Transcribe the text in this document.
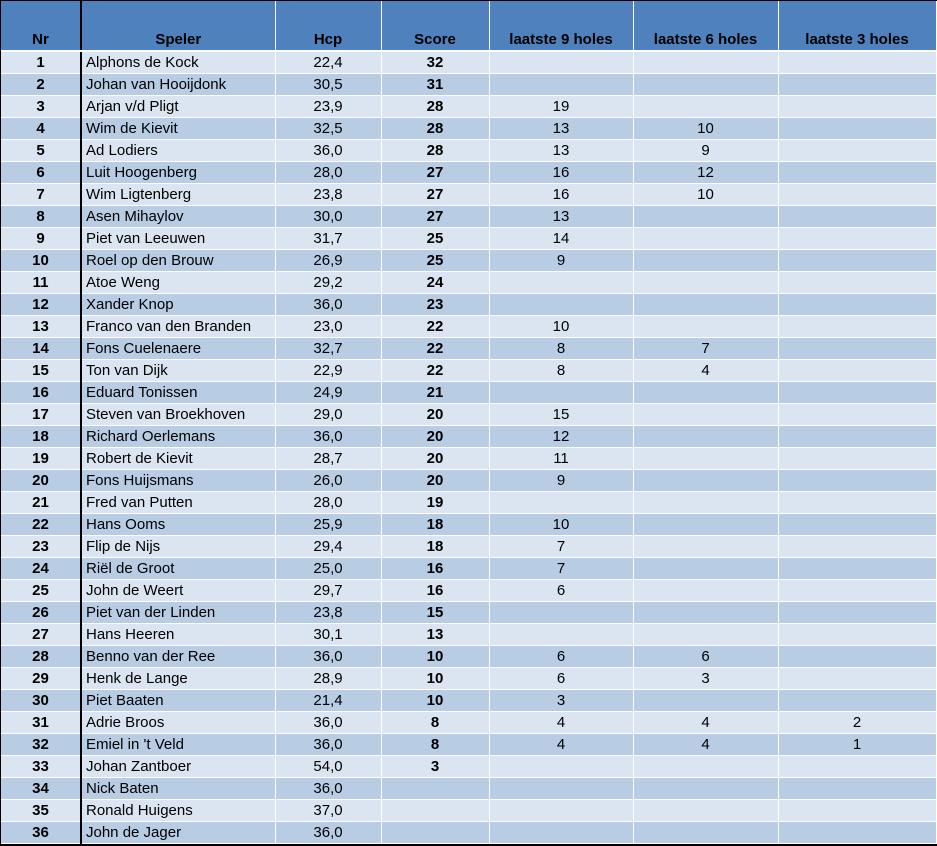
Nr	Speler	Hcp	Score	laatste 9 holes	laatste 6 holes	laatste 3 holes
1	Alphons de Kock	22,4	32			
2	Johan van Hooijdonk	30,5	31			
3	Arjan v/d Pligt	23,9	28	19		
4	Wim de Kievit	32,5	28	13	10	
5	Ad Lodiers	36,0	28	13	9	
6	Luit Hoogenberg	28,0	27	16	12	
7	Wim Ligtenberg	23,8	27	16	10	
8	Asen Mihaylov	30,0	27	13		
9	Piet van Leeuwen	31,7	25	14		
10	Roel op den Brouw	26,9	25	9		
11	Atoe Weng	29,2	24			
12	Xander Knop	36,0	23			
13	Franco van den Branden	23,0	22	10		
14	Fons Cuelenaere	32,7	22	8	7	
15	Ton van Dijk	22,9	22	8	4	
16	Eduard Tonissen	24,9	21			
17	Steven van Broekhoven	29,0	20	15		
18	Richard Oerlemans	36,0	20	12		
19	Robert de Kievit	28,7	20	11		
20	Fons Huijsmans	26,0	20	9		
21	Fred van Putten	28,0	19			
22	Hans Ooms	25,9	18	10		
23	Flip de Nijs	29,4	18	7		
24	Riël de Groot	25,0	16	7		
25	John de Weert	29,7	16	6		
26	Piet van der Linden	23,8	15			
27	Hans Heeren	30,1	13			
28	Benno van der Ree	36,0	10	6	6	
29	Henk de Lange	28,9	10	6	3	
30	Piet Baaten	21,4	10	3		
31	Adrie Broos	36,0	8	4	4	2
32	Emiel in 't Veld	36,0	8	4	4	1
33	Johan Zantboer	54,0	3			
34	Nick Baten	36,0				
35	Ronald Huigens	37,0				
36	John de Jager	36,0				
